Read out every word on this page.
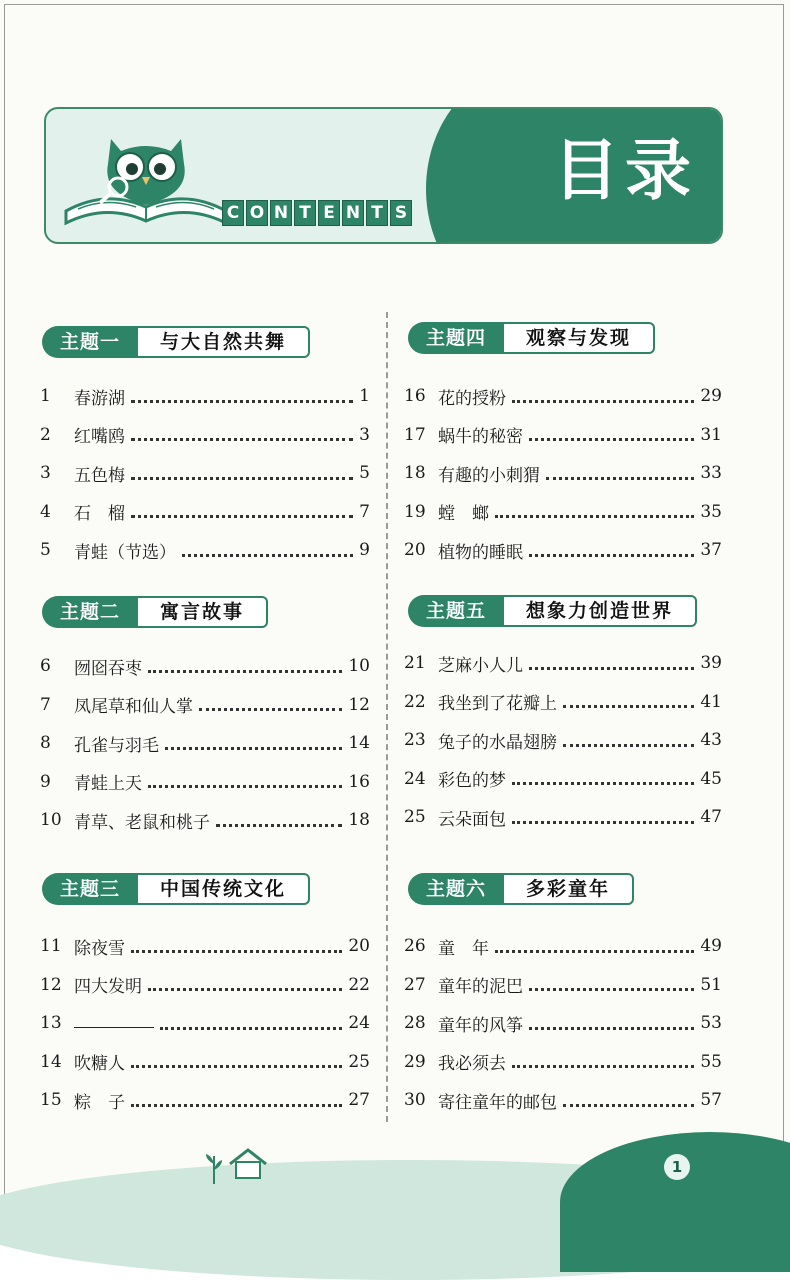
C O N T E N T S
目录
主题一	与大自然共舞
1	春游湖	1
2	红嘴鸥	3
3	五色梅	5
4	石　榴	7
5	青蛙（节选）	9
主题二	寓言故事
6	囫囵吞枣	10
7	凤尾草和仙人掌	12
8	孔雀与羽毛	14
9	青蛙上天	16
10 青草、老鼠和桃子	18
主题三	中国传统文化
11 除夜雪	20
12 四大发明	22
13	24
14 吹糖人	25
15 粽　子	27
主题四	观察与发现
16 花的授粉	29
17 蜗牛的秘密	31
18 有趣的小刺猬	33
19 螳　螂	35
20 植物的睡眠	37
主题五	想象力创造世界
21 芝麻小人儿	39
22 我坐到了花瓣上	41
23 兔子的水晶翅膀	43
24 彩色的梦	45
25 云朵面包	47
主题六	多彩童年
26 童　年	49
27 童年的泥巴	51
28 童年的风筝	53
29 我必须去	55
30 寄往童年的邮包	57
1
